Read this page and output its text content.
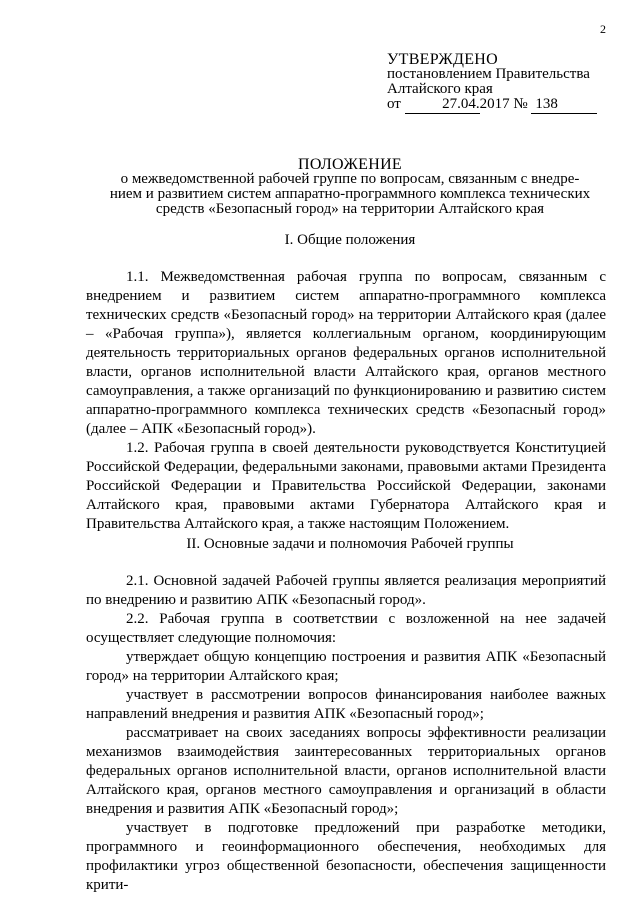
2
УТВЕРЖДЕНО
постановлением Правительства
Алтайского края
от	27.04.2017 № 138
ПОЛОЖЕНИЕ
о межведомственной рабочей группе по вопросам, связанным с внедре-
нием и развитием систем аппаратно-программного комплекса технических
средств «Безопасный город» на территории Алтайского края
I. Общие положения

1.1. Межведомственная рабочая группа по вопросам, связанным с внедрением и развитием систем аппаратно-программного комплекса технических средств «Безопасный город» на территории Алтайского края (далее – «Рабочая группа»), является коллегиальным органом, координирующим деятельность территориальных органов федеральных органов исполнительной власти, органов исполнительной власти Алтайского края, органов местного самоуправления, а также организаций по функционированию и развитию систем аппаратно-программного комплекса технических средств «Безопасный город» (далее – АПК «Безопасный город»).

1.2. Рабочая группа в своей деятельности руководствуется Конституцией Российской Федерации, федеральными законами, правовыми актами Президента Российской Федерации и Правительства Российской Федерации, законами Алтайского края, правовыми актами Губернатора Алтайского края и Правительства Алтайского края, а также настоящим Положением.

II. Основные задачи и полномочия Рабочей группы

2.1. Основной задачей Рабочей группы является реализация мероприятий по внедрению и развитию АПК «Безопасный город».

2.2. Рабочая группа в соответствии с возложенной на нее задачей осуществляет следующие полномочия:

утверждает общую концепцию построения и развития АПК «Безопасный город» на территории Алтайского края;

участвует в рассмотрении вопросов финансирования наиболее важных направлений внедрения и развития АПК «Безопасный город»;

рассматривает на своих заседаниях вопросы эффективности реализации механизмов взаимодействия заинтересованных территориальных органов федеральных органов исполнительной власти, органов исполнительной власти Алтайского края, органов местного самоуправления и организаций в области внедрения и развития АПК «Безопасный город»;

участвует в подготовке предложений при разработке методики, программного и геоинформационного обеспечения, необходимых для профилактики угроз общественной безопасности, обеспечения защищенности крити-
